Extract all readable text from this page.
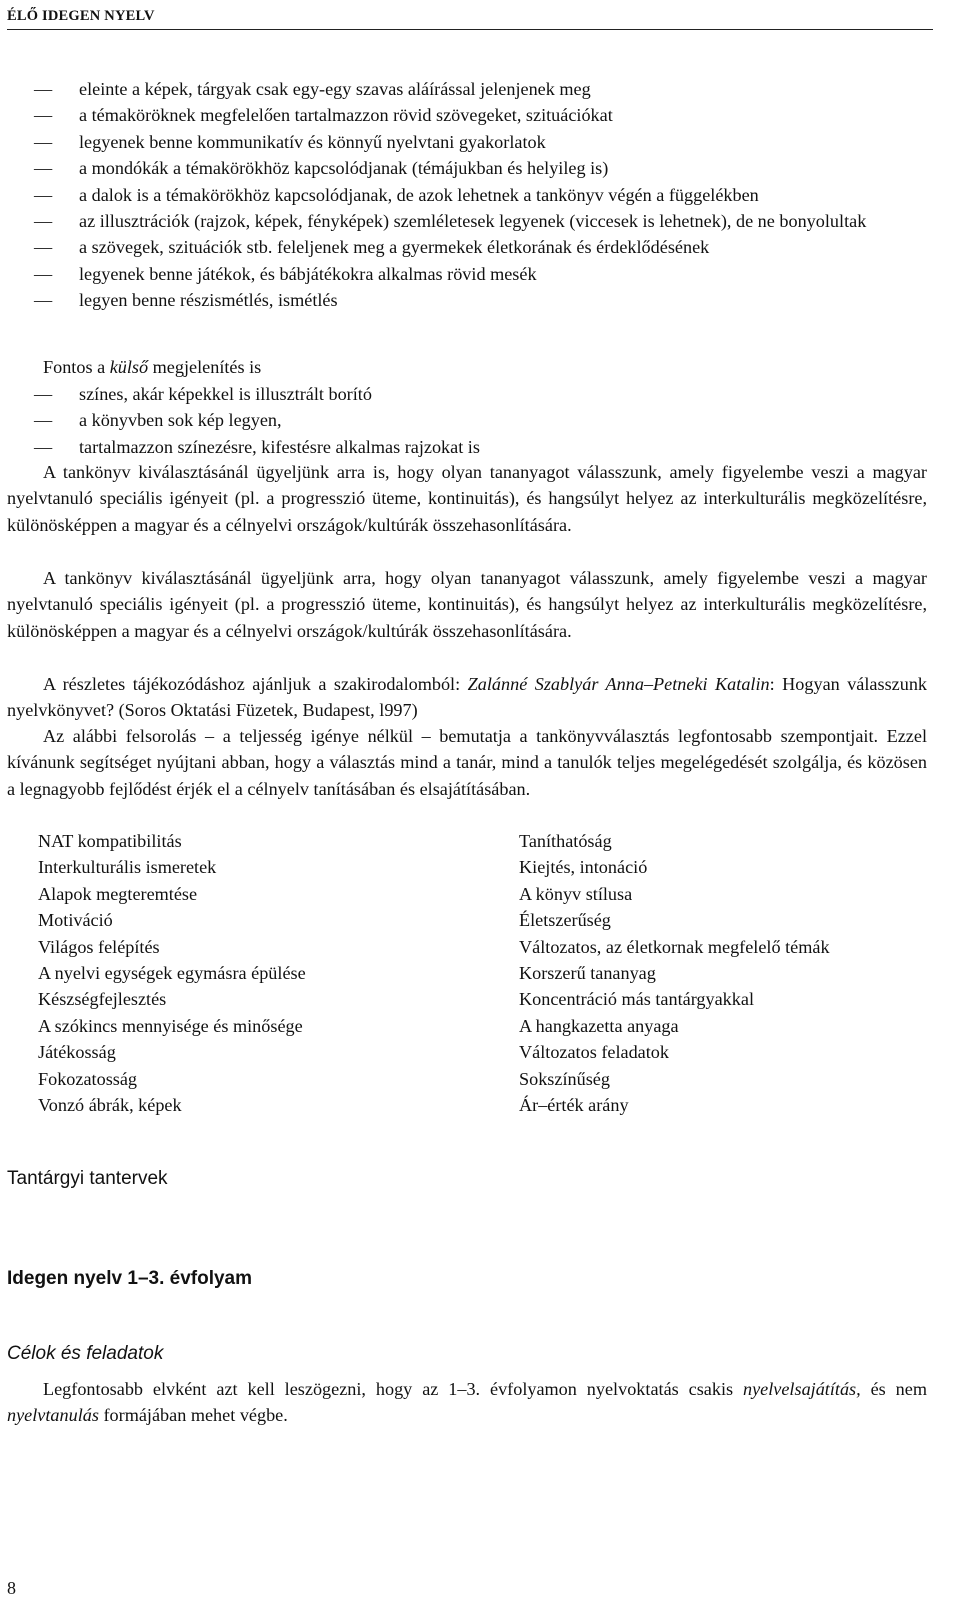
ÉLŐ IDEGEN NYELV
— eleinte a képek, tárgyak csak egy-egy szavas aláírással jelenjenek meg
— a témaköröknek megfelelően tartalmazzon rövid szövegeket, szituációkat
— legyenek benne kommunikatív és könnyű nyelvtani gyakorlatok
— a mondókák a témakörökhöz kapcsolódjanak (témájukban és helyileg is)
— a dalok is a témakörökhöz kapcsolódjanak, de azok lehetnek a tankönyv végén a függelékben
— az illusztrációk (rajzok, képek, fényképek) szemléletesek legyenek (viccesek is lehetnek), de ne bonyolultak
— a szövegek, szituációk stb. feleljenek meg a gyermekek életkorának és érdeklődésének
— legyenek benne játékok, és bábjátékokra alkalmas rövid mesék
— legyen benne részismétlés, ismétlés

Fontos a külső megjelenítés is

— színes, akár képekkel is illusztrált borító
— a könyvben sok kép legyen,
— tartalmazzon színezésre, kifestésre alkalmas rajzokat is

A tankönyv kiválasztásánál ügyeljünk arra is, hogy olyan tananyagot válasszunk, amely figyelembe veszi a magyar nyelvtanuló speciális igényeit (pl. a progresszió üteme, kontinuitás), és hangsúlyt helyez az interkulturális megközelítésre, különösképpen a magyar és a célnyelvi országok/kultúrák összehasonlítására.

A tankönyv kiválasztásánál ügyeljünk arra, hogy olyan tananyagot válasszunk, amely figyelembe veszi a magyar nyelvtanuló speciális igényeit (pl. a progresszió üteme, kontinuitás), és hangsúlyt helyez az interkulturális megközelítésre, különösképpen a magyar és a célnyelvi országok/kultúrák összehasonlítására.

A részletes tájékozódáshoz ajánljuk a szakirodalomból: Zalánné Szablyár Anna–Petneki Katalin: Hogyan válasszunk nyelvkönyvet? (Soros Oktatási Füzetek, Budapest, l997)

Az alábbi felsorolás – a teljesség igénye nélkül – bemutatja a tankönyvválasztás legfontosabb szempontjait. Ezzel kívánunk segítséget nyújtani abban, hogy a választás mind a tanár, mind a tanulók teljes megelégedését szolgálja, és közösen a legnagyobb fejlődést érjék el a célnyelv tanításában és elsajátításában.

NAT kompatibilitás
Interkulturális ismeretek
Alapok megteremtése
Motiváció
Világos felépítés
A nyelvi egységek egymásra épülése
Készségfejlesztés
A szókincs mennyisége és minősége
Játékosság
Fokozatosság
Vonzó ábrák, képek
Taníthatóság
Kiejtés, intonáció
A könyv stílusa
Életszerűség
Változatos, az életkornak megfelelő témák
Korszerű tananyag
Koncentráció más tantárgyakkal
A hangkazetta anyaga
Változatos feladatok
Sokszínűség
Ár–érték arány
Tantárgyi tantervek
Idegen nyelv 1–3. évfolyam
Célok és feladatok

Legfontosabb elvként azt kell leszögezni, hogy az 1–3. évfolyamon nyelvoktatás csakis nyelvelsajátítás, és nem nyelvtanulás formájában mehet végbe.

8
